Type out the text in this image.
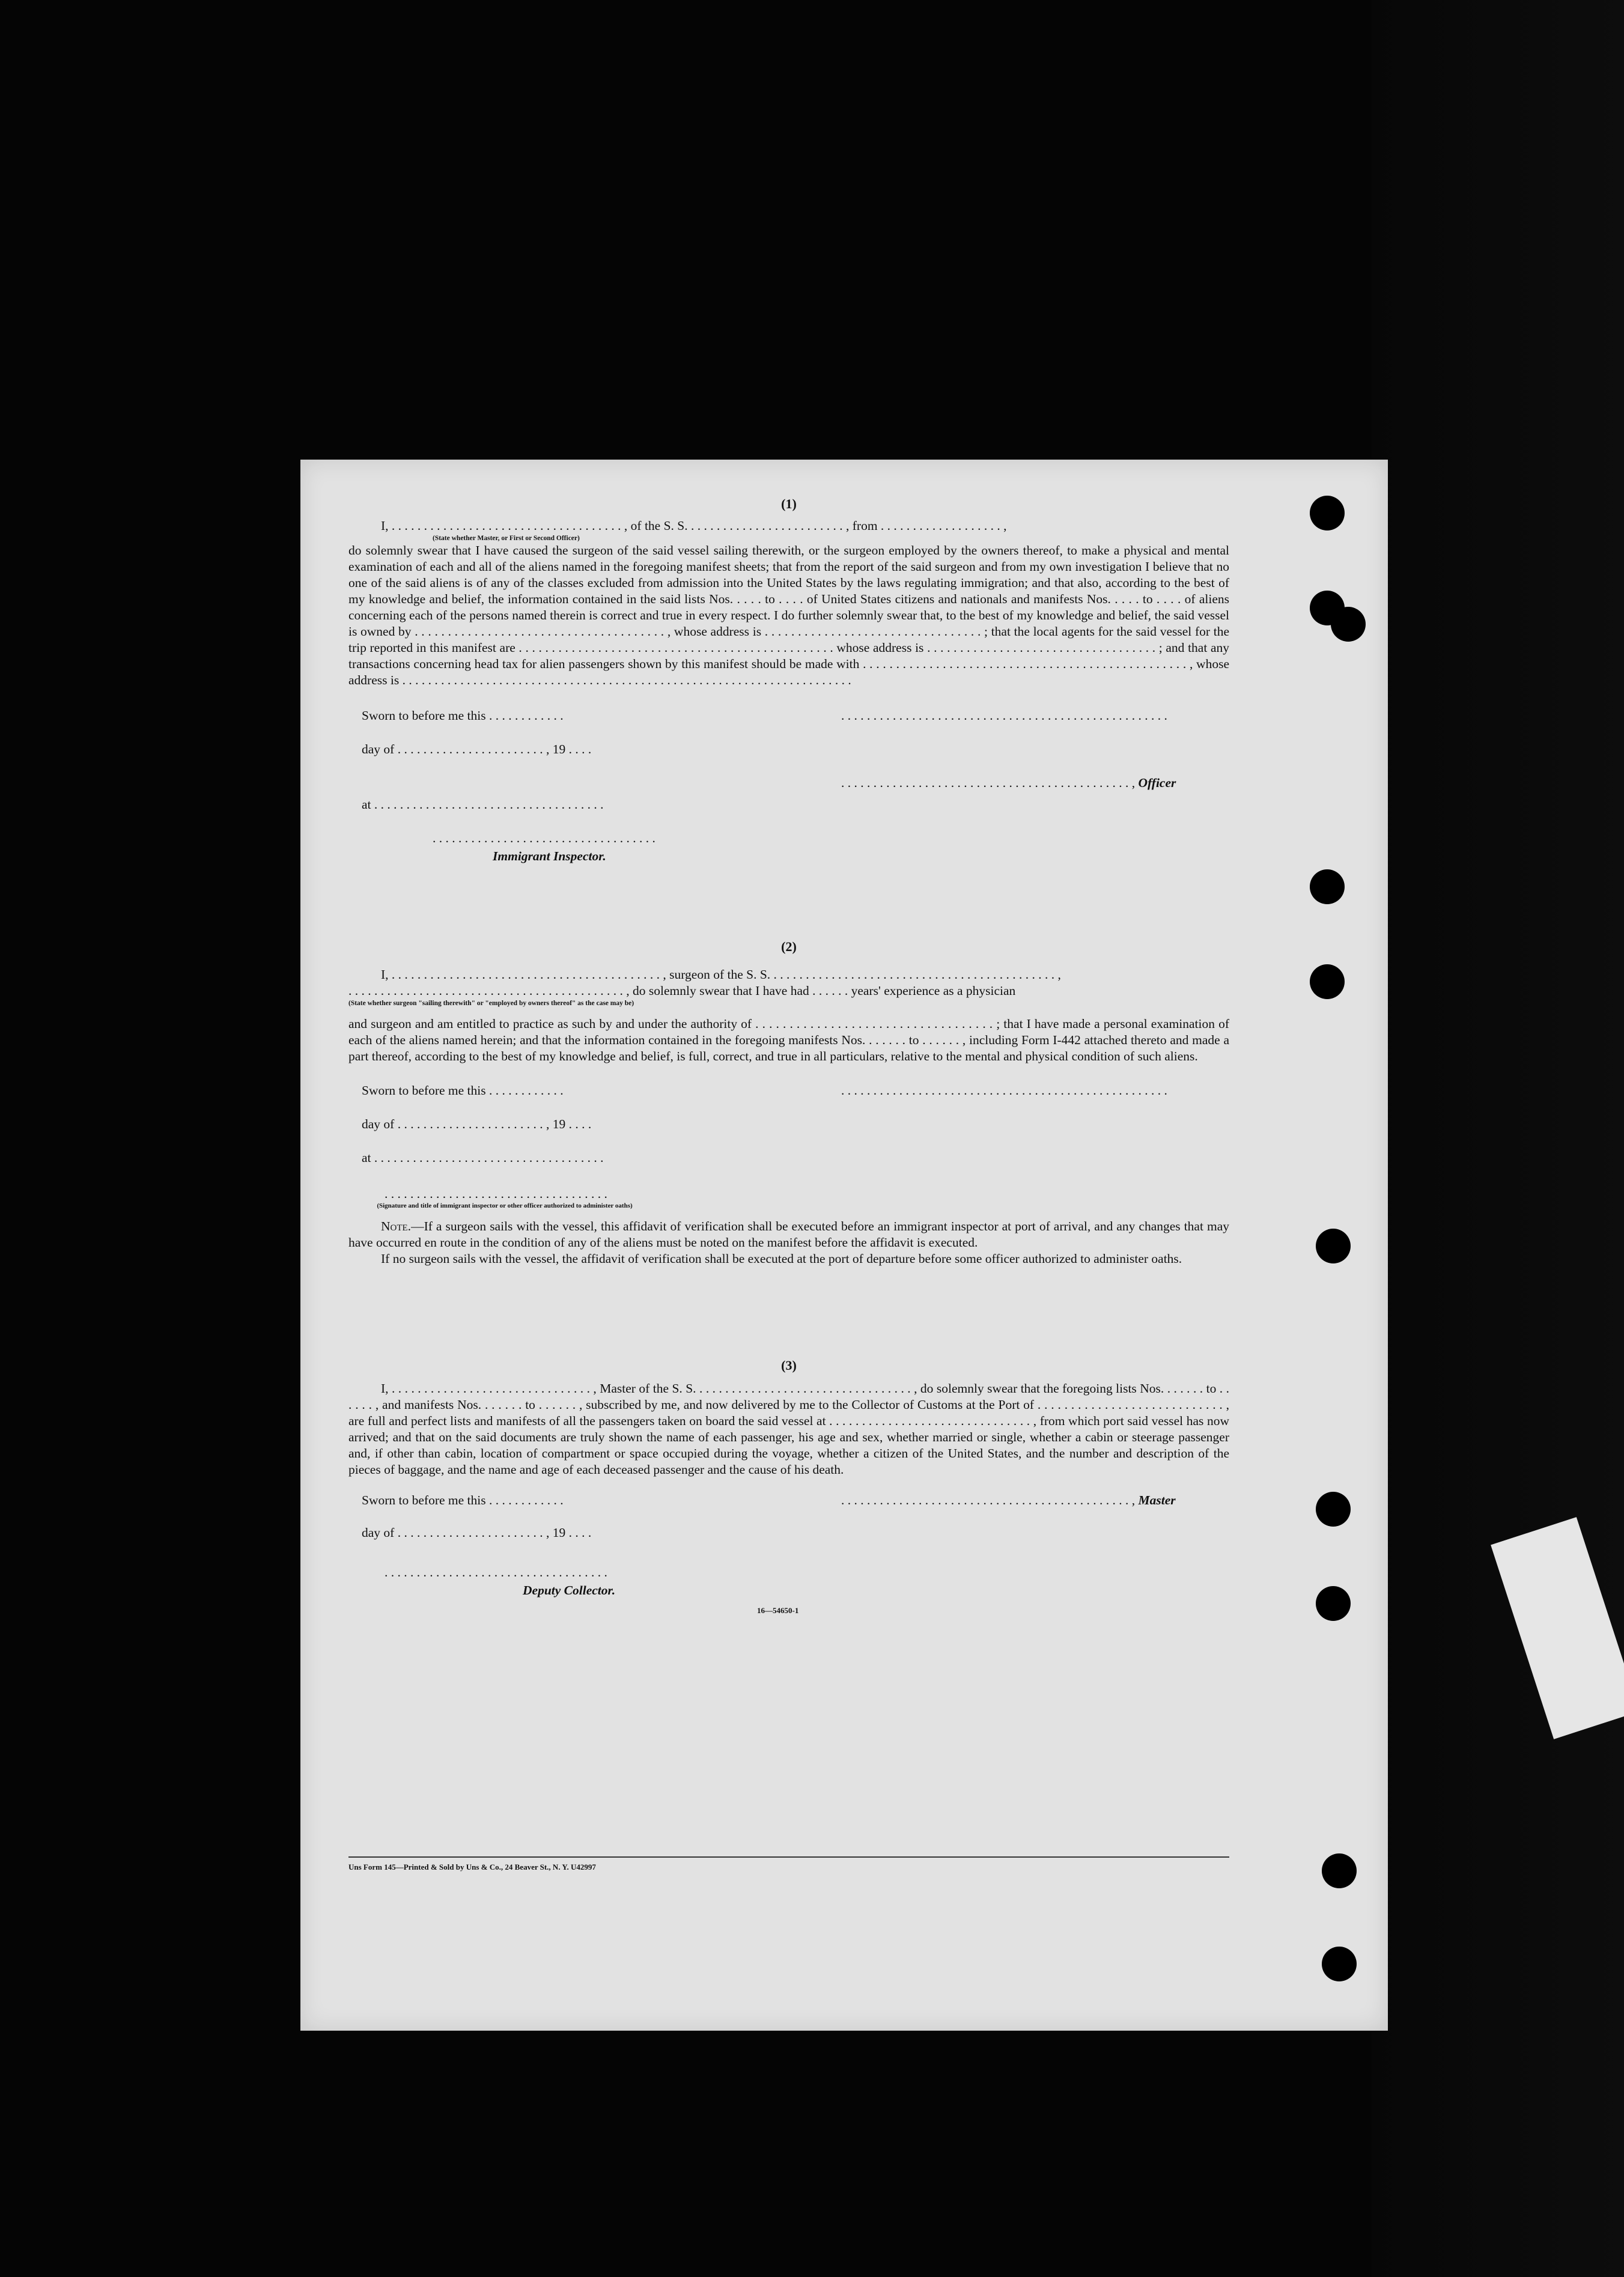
(1)

I, . . . . . . . . . . . . . . . . . . . . . . . . . . . . . . . . . . . . , of the S. S. . . . . . . . . . . . . . . . . . . . . . . . . , from . . . . . . . . . . . . . . . . . . . ,

(State whether Master, or First or Second Officer)

do solemnly swear that I have caused the surgeon of the said vessel sailing therewith, or the surgeon employed by the owners thereof, to make a physical and mental examination of each and all of the aliens named in the foregoing manifest sheets; that from the report of the said surgeon and from my own investigation I believe that no one of the said aliens is of any of the classes excluded from admission into the United States by the laws regulating immigration; and that also, according to the best of my knowledge and belief, the information contained in the said lists Nos. . . . . to . . . . of United States citizens and nationals and manifests Nos. . . . . to . . . . of aliens concerning each of the persons named therein is correct and true in every respect. I do further solemnly swear that, to the best of my knowledge and belief, the said vessel is owned by . . . . . . . . . . . . . . . . . . . . . . . . . . . . . . . . . . . . . . , whose address is . . . . . . . . . . . . . . . . . . . . . . . . . . . . . . . . . ; that the local agents for the said vessel for the trip reported in this manifest are . . . . . . . . . . . . . . . . . . . . . . . . . . . . . . . . . . . . . . . . . . . . . . . . whose address is . . . . . . . . . . . . . . . . . . . . . . . . . . . . . . . . . . . ; and that any transactions concerning head tax for alien passengers shown by this manifest should be made with . . . . . . . . . . . . . . . . . . . . . . . . . . . . . . . . . . . . . . . . . . . . . . . . . , whose address is . . . . . . . . . . . . . . . . . . . . . . . . . . . . . . . . . . . . . . . . . . . . . . . . . . . . . . . . . . . . . . . . . . . . . .

Sworn to before me this . . . . . . . . . . . .	. . . . . . . . . . . . . . . . . . . . . . . . . . . . . . . . . . . . . . . . . . . . . . . . . . .
day of . . . . . . . . . . . . . . . . . . . . . . . , 19 . . . .
. . . . . . . . . . . . . . . . . . . . . . . . . . . . . . . . . . . . . . . . . . . . . , Officer
at . . . . . . . . . . . . . . . . . . . . . . . . . . . . . . . . . . . .
. . . . . . . . . . . . . . . . . . . . . . . . . . . . . . . . . . .
Immigrant Inspector.
(2)

I, . . . . . . . . . . . . . . . . . . . . . . . . . . . . . . . . . . . . . . . . . . , surgeon of the S. S. . . . . . . . . . . . . . . . . . . . . . . . . . . . . . . . . . . . . . . . . . . . . ,

. . . . . . . . . . . . . . . . . . . . . . . . . . . . . . . . . . . . . . . . . . . , do solemnly swear that I have had . . . . . . years' experience as a physician

(State whether surgeon "sailing therewith" or "employed by owners thereof" as the case may be)

and surgeon and am entitled to practice as such by and under the authority of . . . . . . . . . . . . . . . . . . . . . . . . . . . . . . . . . . . ; that I have made a personal examination of each of the aliens named herein; and that the information contained in the foregoing manifests Nos. . . . . . . to . . . . . . , including Form I-442 attached thereto and made a part thereof, according to the best of my knowledge and belief, is full, correct, and true in all particulars, relative to the mental and physical condition of such aliens.

Sworn to before me this . . . . . . . . . . . .	. . . . . . . . . . . . . . . . . . . . . . . . . . . . . . . . . . . . . . . . . . . . . . . . . . .
day of . . . . . . . . . . . . . . . . . . . . . . . , 19 . . . .
at . . . . . . . . . . . . . . . . . . . . . . . . . . . . . . . . . . . .
. . . . . . . . . . . . . . . . . . . . . . . . . . . . . . . . . . .
(Signature and title of immigrant inspector or other officer authorized to administer oaths)

Note.—If a surgeon sails with the vessel, this affidavit of verification shall be executed before an immigrant inspector at port of arrival, and any changes that may have occurred en route in the condition of any of the aliens must be noted on the manifest before the affidavit is executed.

If no surgeon sails with the vessel, the affidavit of verification shall be executed at the port of departure before some officer authorized to administer oaths.

(3)

I, . . . . . . . . . . . . . . . . . . . . . . . . . . . . . . . , Master of the S. S. . . . . . . . . . . . . . . . . . . . . . . . . . . . . . . . . . , do solemnly swear that the foregoing lists Nos. . . . . . . to . . . . . . , and manifests Nos. . . . . . . to . . . . . . , subscribed by me, and now delivered by me to the Collector of Customs at the Port of . . . . . . . . . . . . . . . . . . . . . . . . . . . . , are full and perfect lists and manifests of all the passengers taken on board the said vessel at . . . . . . . . . . . . . . . . . . . . . . . . . . . . . . . , from which port said vessel has now arrived; and that on the said documents are truly shown the name of each passenger, his age and sex, whether married or single, whether a cabin or steerage passenger and, if other than cabin, location of compartment or space occupied during the voyage, whether a citizen of the United States, and the number and description of the pieces of baggage, and the name and age of each deceased passenger and the cause of his death.

Sworn to before me this . . . . . . . . . . . .	. . . . . . . . . . . . . . . . . . . . . . . . . . . . . . . . . . . . . . . . . . . . . , Master
day of . . . . . . . . . . . . . . . . . . . . . . . , 19 . . . .
. . . . . . . . . . . . . . . . . . . . . . . . . . . . . . . . . . .
Deputy Collector.
16—54650-1
Uns Form 145—Printed & Sold by Uns & Co., 24 Beaver St., N. Y. U42997
